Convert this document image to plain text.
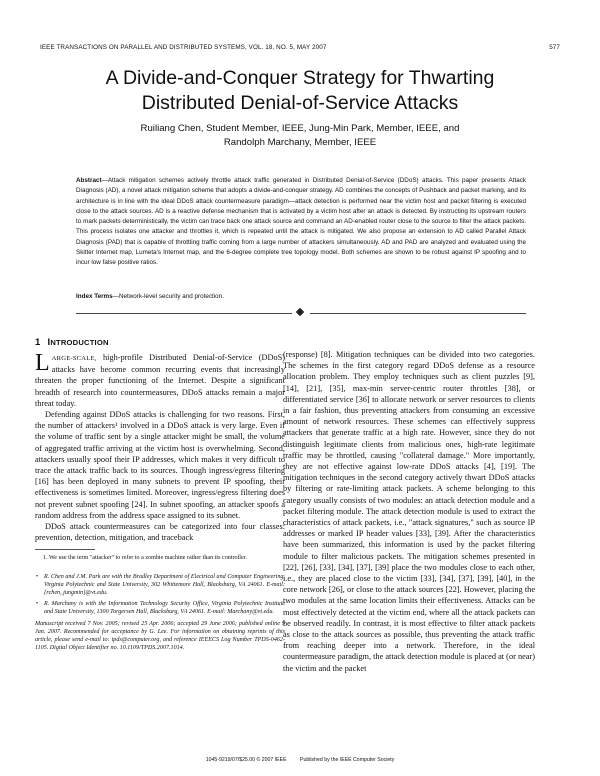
IEEE TRANSACTIONS ON PARALLEL AND DISTRIBUTED SYSTEMS, VOL. 18, NO. 5, MAY 2007	577
A Divide-and-Conquer Strategy for Thwarting
Distributed Denial-of-Service Attacks
Ruiliang Chen, Student Member, IEEE, Jung-Min Park, Member, IEEE, and
Randolph Marchany, Member, IEEE
Abstract—Attack mitigation schemes actively throttle attack traffic generated in Distributed Denial-of-Service (DDoS) attacks. This paper presents Attack Diagnosis (AD), a novel attack mitigation scheme that adopts a divide-and-conquer strategy. AD combines the concepts of Pushback and packet marking, and its architecture is in line with the ideal DDoS attack countermeasure paradigm—attack detection is performed near the victim host and packet filtering is executed close to the attack sources. AD is a reactive defense mechanism that is activated by a victim host after an attack is detected. By instructing its upstream routers to mark packets deterministically, the victim can trace back one attack source and command an AD-enabled router close to the source to filter the attack packets. This process isolates one attacker and throttles it, which is repeated until the attack is mitigated. We also propose an extension to AD called Parallel Attack Diagnosis (PAD) that is capable of throttling traffic coming from a large number of attackers simultaneously. AD and PAD are analyzed and evaluated using the Skitter Internet map, Lumeta's Internet map, and the 6-degree complete tree topology model. Both schemes are shown to be robust against IP spoofing and to incur low false positive ratios.
Index Terms—Network-level security and protection.
1 INTRODUCTION

LARGE-SCALE, high-profile Distributed Denial-of-Service (DDoS) attacks have become common recurring events that increasingly threaten the proper functioning of the Internet. Despite a significant breadth of research into countermeasures, DDoS attacks remain a major threat today.

Defending against DDoS attacks is challenging for two reasons. First, the number of attackers¹ involved in a DDoS attack is very large. Even if the volume of traffic sent by a single attacker might be small, the volume of aggregated traffic arriving at the victim host is overwhelming. Second, attackers usually spoof their IP addresses, which makes it very difficult to trace the attack traffic back to its sources. Though ingress/egress filtering [16] has been deployed in many subnets to prevent IP spoofing, their effectiveness is sometimes limited. Moreover, ingress/egress filtering does not prevent subnet spoofing [24]. In subnet spoofing, an attacker spoofs a random address from the address space assigned to its subnet.

DDoS attack countermeasures can be categorized into four classes: prevention, detection, mitigation, and traceback

1. We use the term "attacker" to refer to a zombie machine rather than its controller.
• R. Chen and J.M. Park are with the Bradley Department of Electrical and Computer Engineering, Virginia Polytechnic and State University, 302 Whittemore Hall, Blacksburg, VA 24061. E-mail: {rchen, jungmin}@vt.edu.
• R. Marchany is with the Information Technology Security Office, Virginia Polytechnic Institute and State University, 1300 Torgersen Hall, Blacksburg, VA 24061. E-mail: Marchany@vt.edu.
Manuscript received 7 Nov. 2005; revised 25 Apr. 2006; accepted 29 June 2006; published online 9 Jan. 2007. Recommended for acceptance by G. Lee. For information on obtaining reprints of this article, please send e-mail to: tpds@computer.org, and reference IEEECS Log Number TPDS-0462-1105. Digital Object Identifier no. 10.1109/TPDS.2007.1014.

(response) [8]. Mitigation techniques can be divided into two categories. The schemes in the first category regard DDoS defense as a resource allocation problem. They employ techniques such as client puzzles [9], [14], [21], [35], max-min server-centric router throttles [38], or differentiated service [36] to allocate network or server resources to clients in a fair fashion, thus preventing attackers from consuming an excessive amount of network resources. These schemes can effectively suppress attackers that generate traffic at a high rate. However, since they do not distinguish legitimate clients from malicious ones, high-rate legitimate traffic may be throttled, causing "collateral damage." More importantly, they are not effective against low-rate DDoS attacks [4], [19]. The mitigation techniques in the second category actively thwart DDoS attacks by filtering or rate-limiting attack packets. A scheme belonging to this category usually consists of two modules: an attack detection module and a packet filtering module. The attack detection module is used to extract the characteristics of attack packets, i.e., "attack signatures," such as source IP addresses or marked IP header values [33], [39]. After the characteristics have been summarized, this information is used by the packet filtering module to filter malicious packets. The mitigation schemes presented in [22], [26], [33], [34], [37], [39] place the two modules close to each other, i.e., they are placed close to the victim [33], [34], [37], [39], [40], in the core network [26], or close to the attack sources [22]. However, placing the two modules at the same location limits their effectiveness. Attacks can be most effectively detected at the victim end, where all the attack packets can be observed readily. In contrast, it is most effective to filter attack packets as close to the attack sources as possible, thus preventing the attack traffic from reaching deeper into a network. Therefore, in the ideal countermeasure paradigm, the attack detection module is placed at (or near) the victim and the packet

1045-9219/07/$25.00 © 2007 IEEE	Published by the IEEE Computer Society
